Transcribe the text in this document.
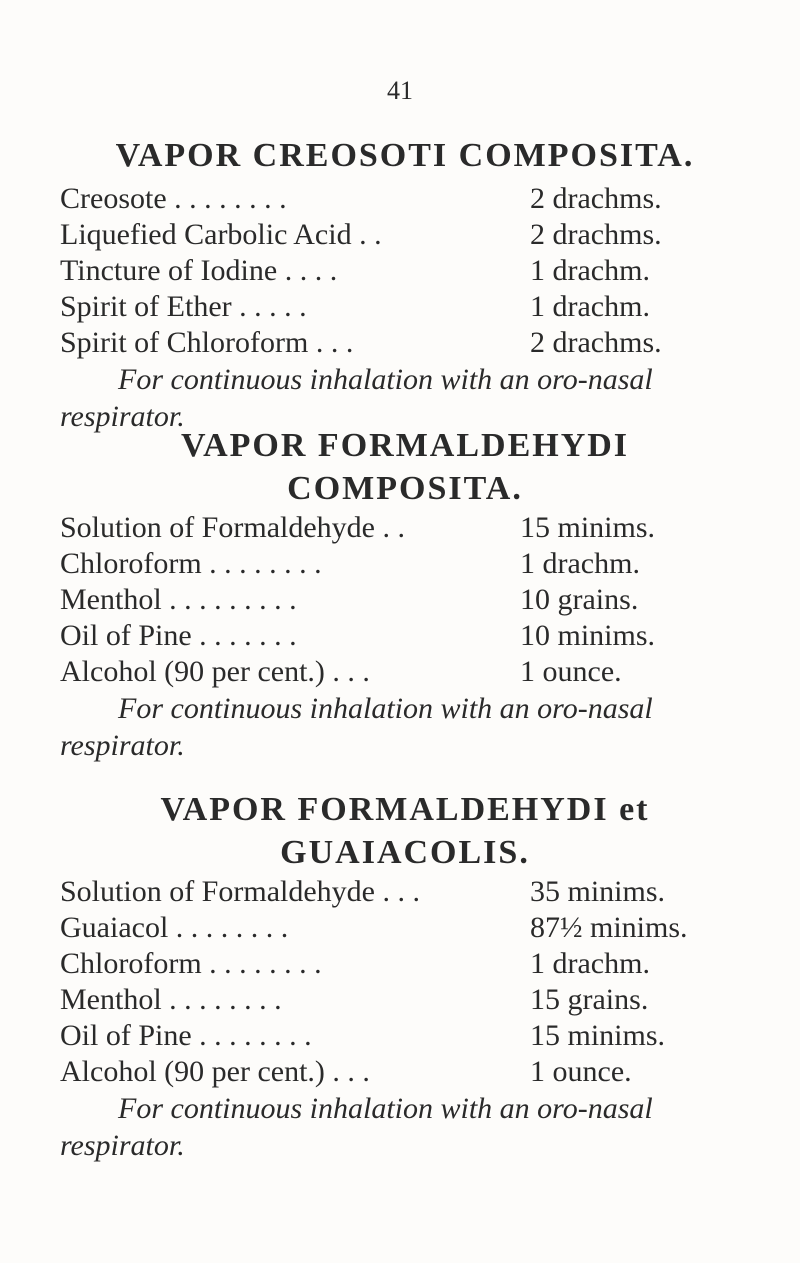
41
VAPOR CREOSOTI COMPOSITA.
Creosote . . . . . . . .	2 drachms.
Liquefied Carbolic Acid . .	2 drachms.
Tincture of Iodine . . . .	1 drachm.
Spirit of Ether . . . . .	1 drachm.
Spirit of Chloroform . . .	2 drachms.

For continuous inhalation with an oro-nasal respirator.

VAPOR FORMALDEHYDI
COMPOSITA.
Solution of Formaldehyde . .	15 minims.
Chloroform . . . . . . . .	1 drachm.
Menthol . . . . . . . . .	10 grains.
Oil of Pine . . . . . . .	10 minims.
Alcohol (90 per cent.) . . .	1 ounce.

For continuous inhalation with an oro-nasal respirator.

VAPOR FORMALDEHYDI et
GUAIACOLIS.
Solution of Formaldehyde . . .	35 minims.
Guaiacol . . . . . . . .	87½ minims.
Chloroform . . . . . . . .	1 drachm.
Menthol . . . . . . . .	15 grains.
Oil of Pine . . . . . . . .	15 minims.
Alcohol (90 per cent.) . . .	1 ounce.

For continuous inhalation with an oro-nasal respirator.
